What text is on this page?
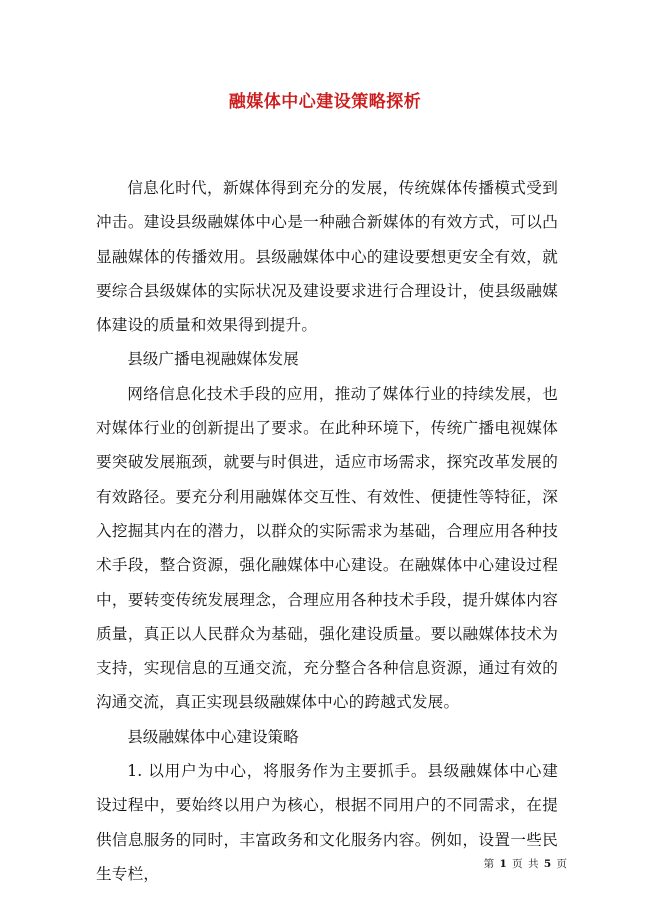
融媒体中心建设策略探析

信息化时代，新媒体得到充分的发展，传统媒体传播模式受到冲击。建设县级融媒体中心是一种融合新媒体的有效方式，可以凸显融媒体的传播效用。县级融媒体中心的建设要想更安全有效，就要综合县级媒体的实际状况及建设要求进行合理设计，使县级融媒体建设的质量和效果得到提升。

县级广播电视融媒体发展

网络信息化技术手段的应用，推动了媒体行业的持续发展，也对媒体行业的创新提出了要求。在此种环境下，传统广播电视媒体要突破发展瓶颈，就要与时俱进，适应市场需求，探究改革发展的有效路径。要充分利用融媒体交互性、有效性、便捷性等特征，深入挖掘其内在的潜力，以群众的实际需求为基础，合理应用各种技术手段，整合资源，强化融媒体中心建设。在融媒体中心建设过程中，要转变传统发展理念，合理应用各种技术手段，提升媒体内容质量，真正以人民群众为基础，强化建设质量。要以融媒体技术为支持，实现信息的互通交流，充分整合各种信息资源，通过有效的沟通交流，真正实现县级融媒体中心的跨越式发展。

县级融媒体中心建设策略

1. 以用户为中心，将服务作为主要抓手。县级融媒体中心建设过程中，要始终以用户为核心，根据不同用户的不同需求，在提供信息服务的同时，丰富政务和文化服务内容。例如，设置一些民生专栏，

第 1 页 共 5 页
